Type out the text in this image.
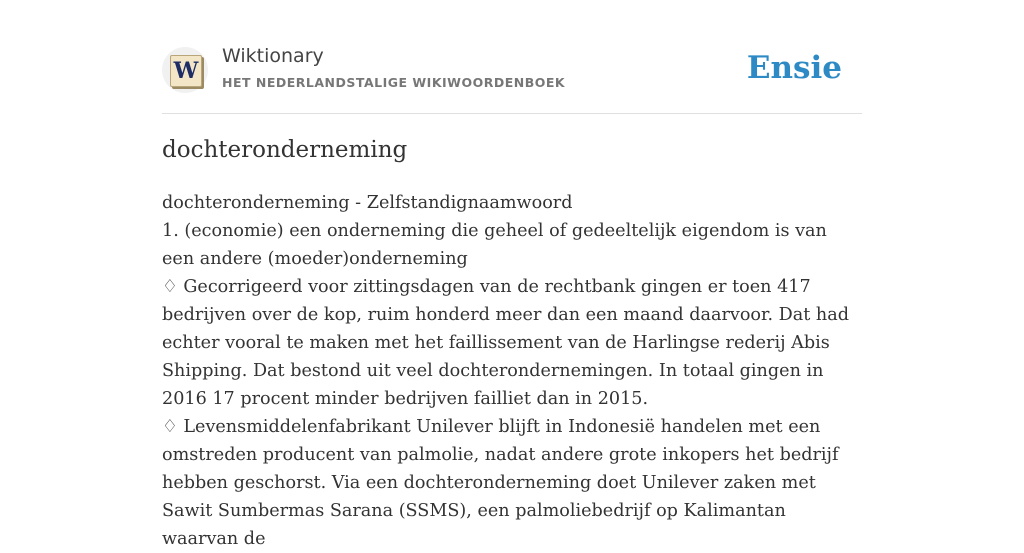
W
Wiktionary
HET NEDERLANDSTALIGE WIKIWOORDENBOEK	Ensie
dochteronderneming

dochteronderneming - Zelfstandignaamwoord

1. (economie) een onderneming die geheel of gedeeltelijk eigendom is van een andere (moeder)onderneming

♢ Gecorrigeerd voor zittingsdagen van de rechtbank gingen er toen 417 bedrijven over de kop, ruim honderd meer dan een maand daarvoor. Dat had echter vooral te maken met het faillissement van de Harlingse rederij Abis Shipping. Dat bestond uit veel dochterondernemingen. In totaal gingen in 2016 17 procent minder bedrijven failliet dan in 2015.

♢ Levensmiddelenfabrikant Unilever blijft in Indonesië handelen met een omstreden producent van palmolie, nadat andere grote inkopers het bedrijf hebben geschorst. Via een dochteronderneming doet Unilever zaken met Sawit Sumbermas Sarana (SSMS), een palmoliebedrijf op Kalimantan waarvan de
